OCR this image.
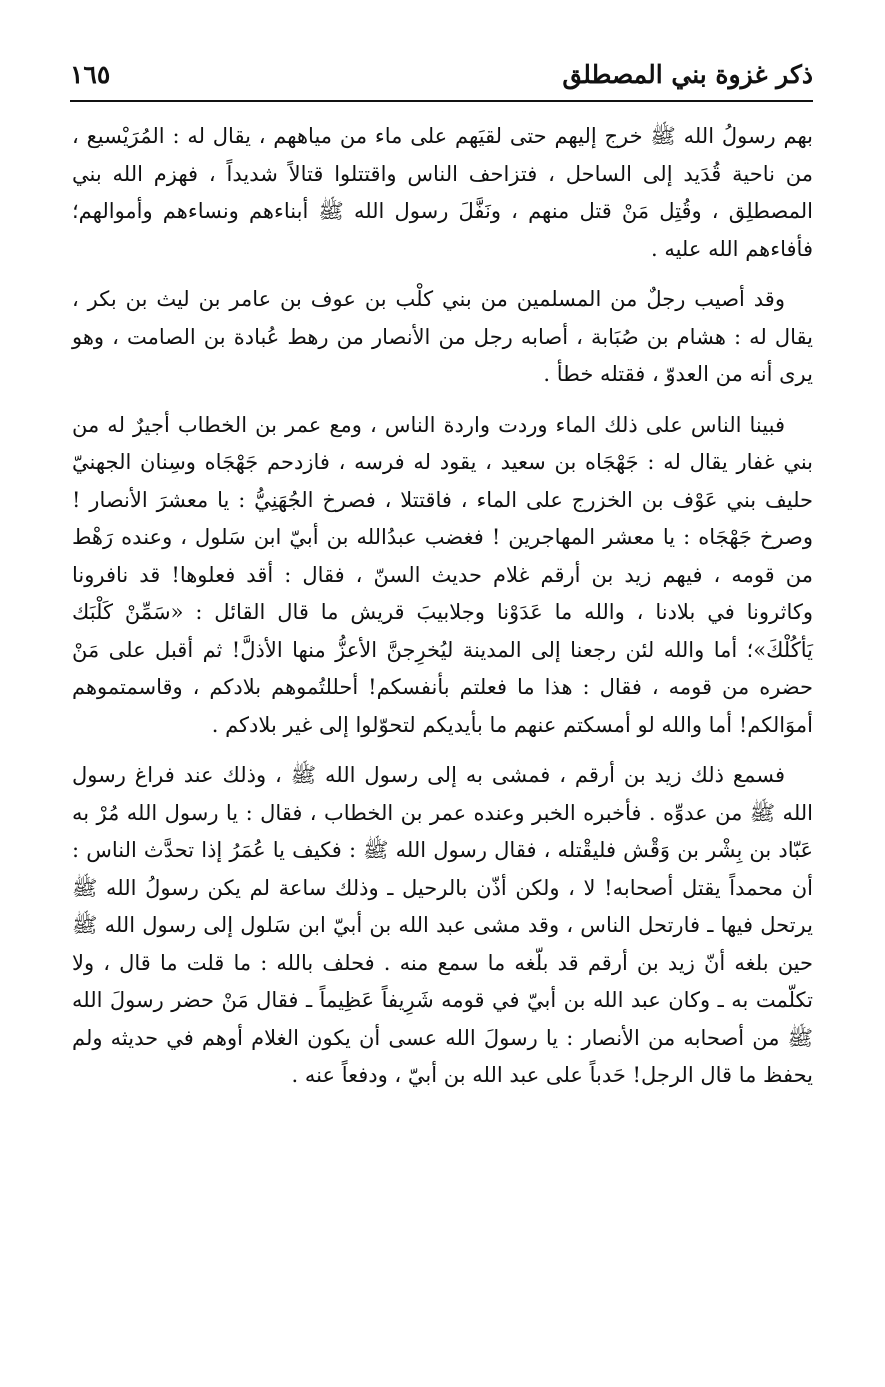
ذكر غزوة بني المصطلق
١٦٥

بهم رسولُ الله ﷺ خرج إليهم حتى لقيَهم على ماء من مياههم ، يقال له : المُرَيْسيع ، من ناحية قُدَيد إلى الساحل ، فتزاحف الناس واقتتلوا قتالاً شديداً ، فهزم الله بني المصطلِق ، وقُتِل مَنْ قتل منهم ، ونَفَّلَ رسول الله ﷺ أبناءهم ونساءهم وأموالهم؛ فأفاءهم الله عليه .

وقد أصيب رجلٌ من المسلمين من بني كلْب بن عوف بن عامر بن ليث بن بكر ، يقال له : هشام بن صُبَابة ، أصابه رجل من الأنصار من رهط عُبادة بن الصامت ، وهو يرى أنه من العدوّ ، فقتله خطأ .

فبينا الناس على ذلك الماء وردت واردة الناس ، ومع عمر بن الخطاب أجيرٌ له من بني غفار يقال له : جَهْجَاه بن سعيد ، يقود له فرسه ، فازدحم جَهْجَاه وسِنان الجهنيّ حليف بني عَوْف بن الخزرج على الماء ، فاقتتلا ، فصرخ الجُهَنِيُّ : يا معشرَ الأنصار ! وصرخ جَهْجَاه : يا معشر المهاجرين ! فغضب عبدُالله بن أبيّ ابن سَلول ، وعنده رَهْط من قومه ، فيهم زيد بن أرقم غلام حديث السنّ ، فقال : أقد فعلوها! قد نافرونا وكاثرونا في بلادنا ، والله ما عَدَوْنا وجلابيبَ قريش ما قال القائل : «سَمِّنْ كَلْبَك يَأكُلْكَ»؛ أما والله لئن رجعنا إلى المدينة ليُخرِجنَّ الأعزُّ منها الأذلَّ! ثم أقبل على مَنْ حضره من قومه ، فقال : هذا ما فعلتم بأنفسكم! أحللتُموهم بلادكم ، وقاسمتموهم أموَالكم! أما والله لو أمسكتم عنهم ما بأيديكم لتحوّلوا إلى غير بلادكم .

فسمع ذلك زيد بن أرقم ، فمشى به إلى رسول الله ﷺ ، وذلك عند فراغ رسول الله ﷺ من عدوِّه . فأخبره الخبر وعنده عمر بن الخطاب ، فقال : يا رسول الله مُرْ به عَبّاد بن بِشْر بن وَقْش فليقْتله ، فقال رسول الله ﷺ : فكيف يا عُمَرُ إذا تحدَّث الناس : أن محمداً يقتل أصحابه! لا ، ولكن أذّن بالرحيل ـ وذلك ساعة لم يكن رسولُ الله ﷺ يرتحل فيها ـ فارتحل الناس ، وقد مشى عبد الله بن أبيّ ابن سَلول إلى رسول الله ﷺ حين بلغه أنّ زيد بن أرقم قد بلّغه ما سمع منه . فحلف بالله : ما قلت ما قال ، ولا تكلّمت به ـ وكان عبد الله بن أبيّ في قومه شَرِيفاً عَظِيماً ـ فقال مَنْ حضر رسولَ الله ﷺ من أصحابه من الأنصار : يا رسولَ الله عسى أن يكون الغلام أوهم في حديثه ولم يحفظ ما قال الرجل! حَدباً على عبد الله بن أبيّ ، ودفعاً عنه .
